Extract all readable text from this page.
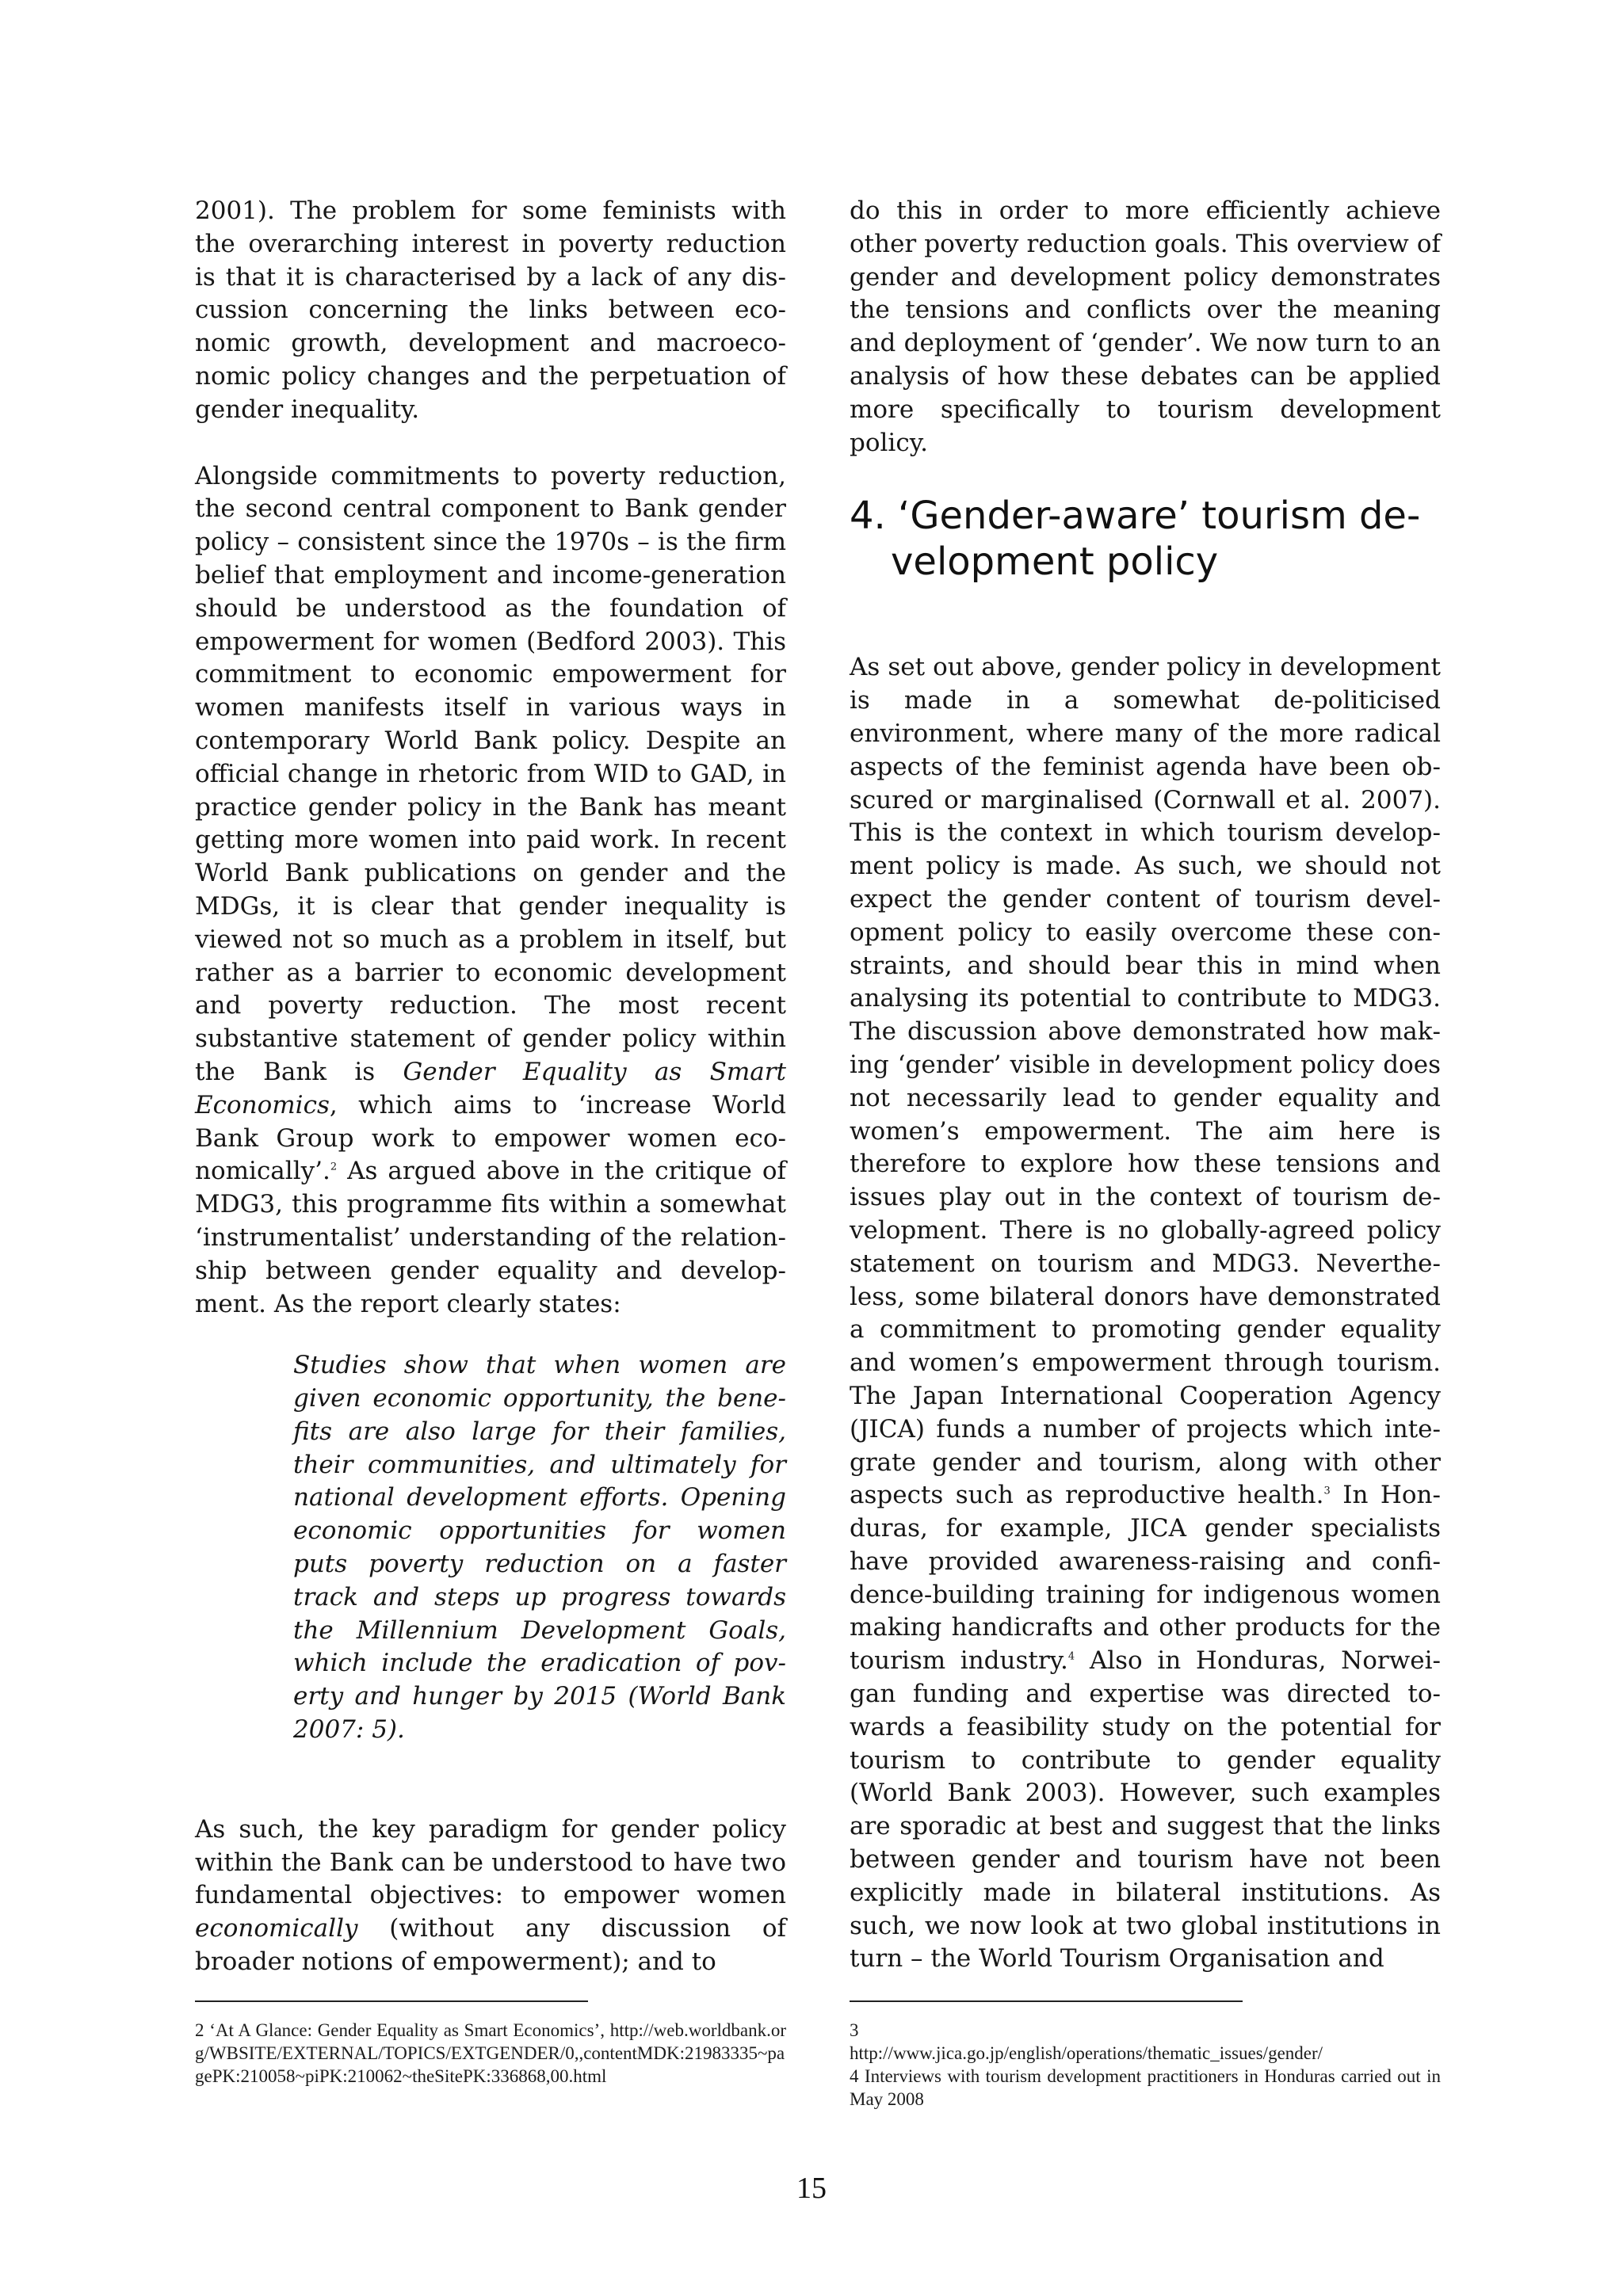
2001). The problem for some feminists with the overarching interest in poverty reduction is that it is characterised by a lack of any discussion concerning the links between economic growth, development and macroeconomic policy changes and the perpetuation of gender inequality.

Alongside commitments to poverty reduction, the second central component to Bank gender policy – consistent since the 1970s – is the firm belief that employment and income-generation should be understood as the foundation of empowerment for women (Bedford 2003). This commitment to economic empowerment for women manifests itself in various ways in contemporary World Bank policy. Despite an official change in rhetoric from WID to GAD, in practice gender policy in the Bank has meant getting more women into paid work. In recent World Bank publications on gender and the MDGs, it is clear that gender inequality is viewed not so much as a problem in itself, but rather as a barrier to economic development and poverty reduction. The most recent substantive statement of gender policy within the Bank is Gender Equality as Smart Economics, which aims to ‘increase World Bank Group work to empower women economically’.$^2$ As argued above in the critique of MDG3, this programme fits within a somewhat ‘instrumentalist’ understanding of the relationship between gender equality and development. As the report clearly states:

Studies show that when women are given economic opportunity, the benefits are also large for their families, their communities, and ultimately for national development efforts. Opening economic opportunities for women puts poverty reduction on a faster track and steps up progress towards the Millennium Development Goals, which include the eradication of poverty and hunger by 2015 (World Bank 2007: 5).

As such, the key paradigm for gender policy within the Bank can be understood to have two fundamental objectives: to empower women economically (without any discussion of broader notions of empowerment); and to

do this in order to more efficiently achieve other poverty reduction goals. This overview of gender and development policy demonstrates the tensions and conflicts over the meaning and deployment of ‘gender’. We now turn to an analysis of how these debates can be applied more specifically to tourism development policy.

4. ‘Gender-aware’ tourism development policy

As set out above, gender policy in development is made in a somewhat de-politicised environment, where many of the more radical aspects of the feminist agenda have been obscured or marginalised (Cornwall et al. 2007). This is the context in which tourism development policy is made. As such, we should not expect the gender content of tourism development policy to easily overcome these constraints, and should bear this in mind when analysing its potential to contribute to MDG3. The discussion above demonstrated how making ‘gender’ visible in development policy does not necessarily lead to gender equality and women’s empowerment. The aim here is therefore to explore how these tensions and issues play out in the context of tourism development. There is no globally-agreed policy statement on tourism and MDG3. Nevertheless, some bilateral donors have demonstrated a commitment to promoting gender equality and women’s empowerment through tourism. The Japan International Cooperation Agency (JICA) funds a number of projects which integrate gender and tourism, along with other aspects such as reproductive health.$^3$ In Honduras, for example, JICA gender specialists have provided awareness-raising and confidence-building training for indigenous women making handicrafts and other products for the tourism industry.$^4$ Also in Honduras, Norweigan funding and expertise was directed towards a feasibility study on the potential for tourism to contribute to gender equality (World Bank 2003). However, such examples are sporadic at best and suggest that the links between gender and tourism have not been explicitly made in bilateral institutions. As such, we now look at two global institutions in turn – the World Tourism Organisation and

2 ‘At A Glance: Gender Equality as Smart Economics’, http://web.worldbank.org/WBSITE/EXTERNAL/TOPICS/EXTGENDER/0,,contentMDK:21983335~pagePK:210058~piPK:210062~theSitePK:336868,00.html

3

http://www.jica.go.jp/english/operations/thematic_issues/gender/

4 Interviews with tourism development practitioners in Honduras carried out in May 2008

15
